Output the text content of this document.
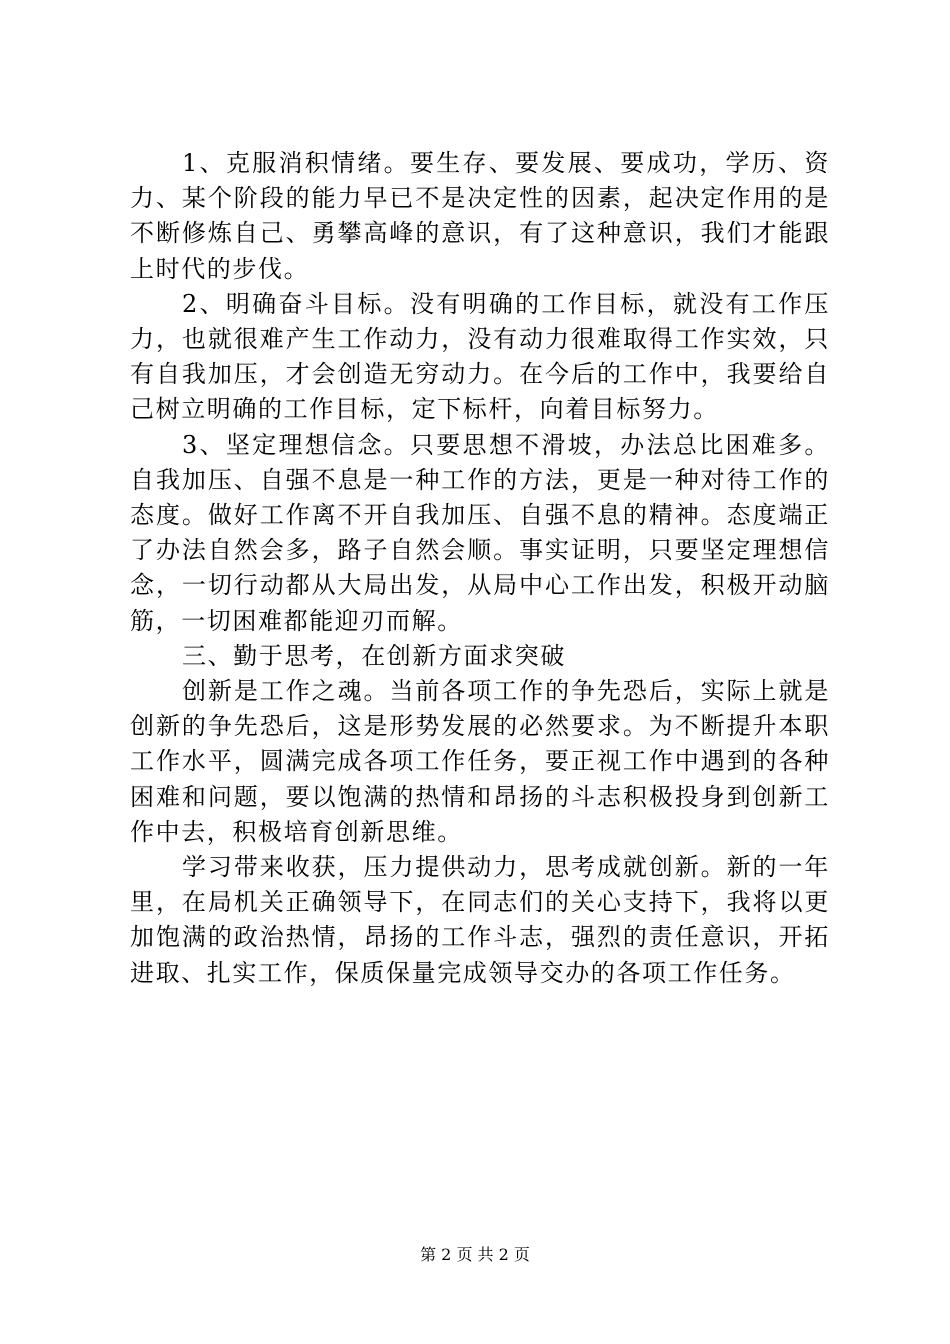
1、克服消积情绪。要生存、要发展、要成功，学历、资力、某个阶段的能力早已不是决定性的因素，起决定作用的是不断修炼自己、勇攀高峰的意识，有了这种意识，我们才能跟上时代的步伐。

2、明确奋斗目标。没有明确的工作目标，就没有工作压力，也就很难产生工作动力，没有动力很难取得工作实效，只有自我加压，才会创造无穷动力。在今后的工作中，我要给自己树立明确的工作目标，定下标杆，向着目标努力。

3、坚定理想信念。只要思想不滑坡，办法总比困难多。自我加压、自强不息是一种工作的方法，更是一种对待工作的态度。做好工作离不开自我加压、自强不息的精神。态度端正了办法自然会多，路子自然会顺。事实证明，只要坚定理想信念，一切行动都从大局出发，从局中心工作出发，积极开动脑筋，一切困难都能迎刃而解。

三、勤于思考，在创新方面求突破

创新是工作之魂。当前各项工作的争先恐后，实际上就是创新的争先恐后，这是形势发展的必然要求。为不断提升本职工作水平，圆满完成各项工作任务，要正视工作中遇到的各种困难和问题，要以饱满的热情和昂扬的斗志积极投身到创新工作中去，积极培育创新思维。

学习带来收获，压力提供动力，思考成就创新。新的一年里，在局机关正确领导下，在同志们的关心支持下，我将以更加饱满的政治热情，昂扬的工作斗志，强烈的责任意识，开拓进取、扎实工作，保质保量完成领导交办的各项工作任务。

第 2 页 共 2 页
